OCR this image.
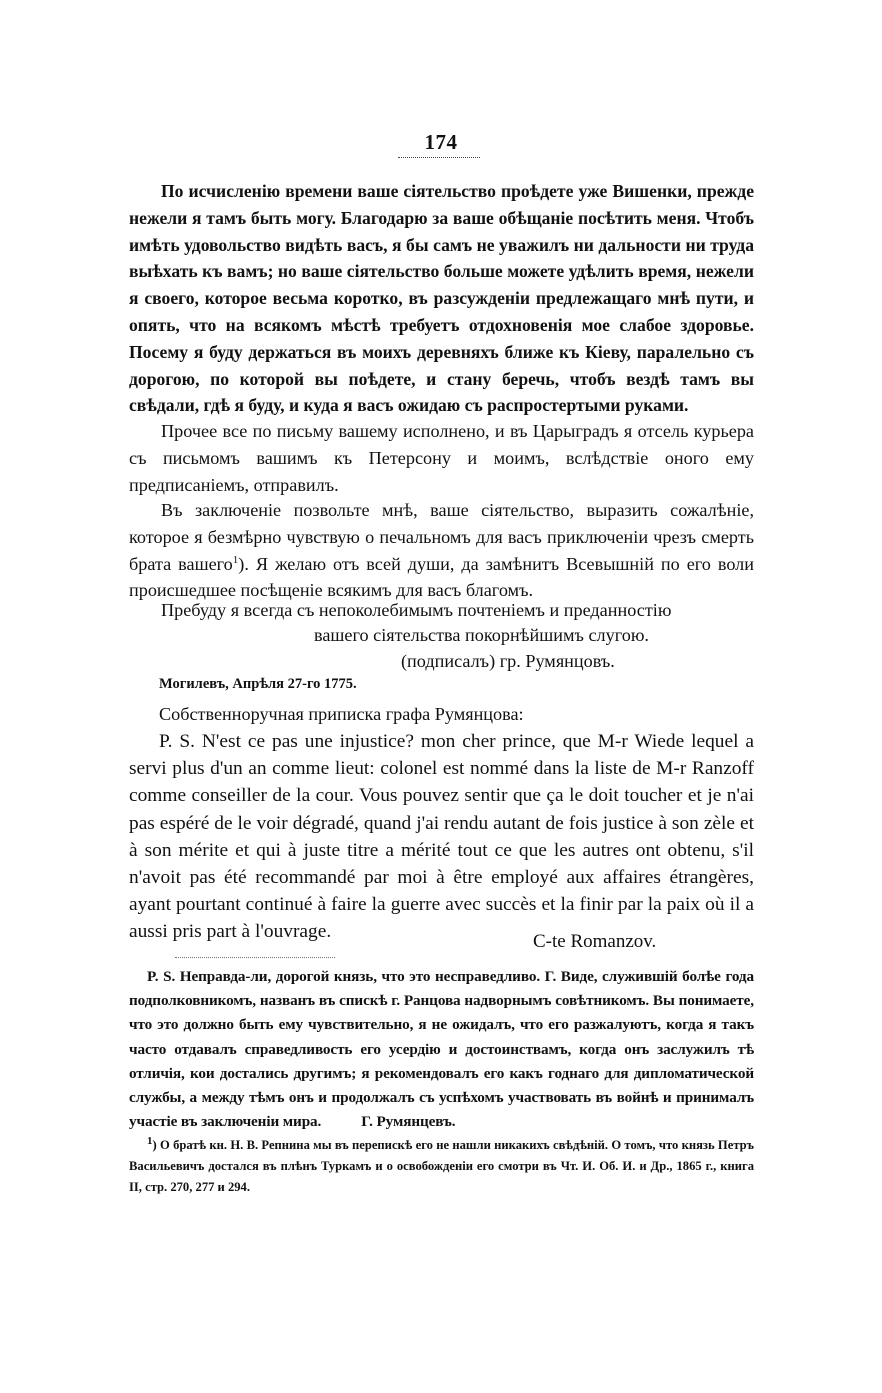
174

По исчисленію времени ваше сіятельство проѣдете уже Вишенки, прежде нежели я тамъ быть могу. Благодарю за ваше обѣщаніе посѣтить меня. Чтобъ имѣть удовольство видѣть васъ, я бы самъ не уважилъ ни дальности ни труда выѣхать къ вамъ; но ваше сіятельство больше можете удѣлить время, нежели я своего, которое весьма коротко, въ разсужденіи предлежащаго мнѣ пути, и опять, что на всякомъ мѣстѣ требуетъ отдохновенія мое слабое здоровье. Посему я буду держаться въ моихъ деревняхъ ближе къ Кіеву, паралельно съ дорогою, по которой вы поѣдете, и стану беречь, чтобъ вездѣ тамъ вы свѣдали, гдѣ я буду, и куда я васъ ожидаю съ распростертыми руками.

Прочее все по письму вашему исполнено, и въ Царыградъ я отсель курьера съ письмомъ вашимъ къ Петерсону и моимъ, вслѣдствіе оного ему предписаніемъ, отправилъ.

Въ заключеніе позвольте мнѣ, ваше сіятельство, выразить сожалѣніе, которое я безмѣрно чувствую о печальномъ для васъ приключеніи чрезъ смерть брата вашего$^1$). Я желаю отъ всей души, да замѣнитъ Всевышній по его воли происшедшее посѣщеніе всякимъ для васъ благомъ.

Пребуду я всегда съ непоколебимымъ почтеніемъ и преданностію
вашего сіятельства покорнѣйшимъ слугою.
(подписалъ) гр. Румянцовъ.
Могилевъ, Апрѣля 27-го 1775.
Собственноручная приписка графа Румянцова:

P. S. N'est ce pas une injustice? mon cher prince, que M-r Wiede lequel a servi plus d'un an comme lieut: colonel est nommé dans la liste de M-r Ranzoff comme conseiller de la cour. Vous pouvez sentir que ça le doit toucher et je n'ai pas espéré de le voir dégradé, quand j'ai rendu autant de fois justice à son zèle et à son mérite et qui à juste titre a mérité tout ce que les autres ont obtenu, s'il n'avoit pas été recommandé par moi à être employé aux affaires étrangères, ayant pourtant continué à faire la guerre avec succès et la finir par la paix où il a aussi pris part à l'ouvrage.	C-te Romanzov.

P. S. Неправда-ли, дорогой князь, что это несправедливо. Г. Виде, служившій болѣе года подполковникомъ, названъ въ спискѣ г. Ранцова надворнымъ совѣтникомъ. Вы понимаете, что это должно быть ему чувствительно, я не ожидалъ, что его разжалуютъ, когда я такъ часто отдавалъ справедливость его усердію и достоинствамъ, когда онъ заслужилъ тѣ отличія, кои достались другимъ; я рекомендовалъ его какъ годнаго для дипломатической службы, а между тѣмъ онъ и продолжалъ съ успѣхомъ участвовать въ войнѣ и принималъ участіе въ заключеніи мира.	Г. Румянцевъ.

$^1$) О братѣ кн. Н. В. Репнина мы въ перепискѣ его не нашли никакихъ свѣдѣній. О томъ, что князь Петръ Васильевичъ достался въ плѣнъ Туркамъ и о освобожденіи его смотри въ Чт. И. Об. И. и Др., 1865 г., книга II, стр. 270, 277 и 294.
